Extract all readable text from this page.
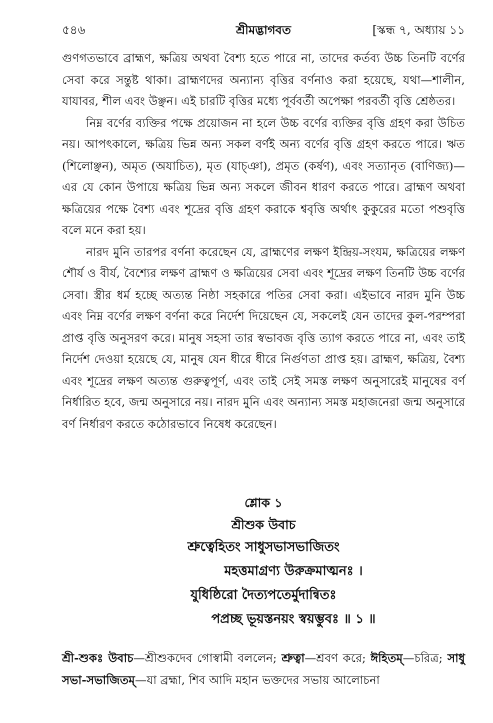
৫৪৬	শ্রীমদ্ভাগবত	[স্কন্ধ ৭, অধ্যায় ১১

গুণগতভাবে ব্রাহ্মণ, ক্ষত্রিয় অথবা বৈশ্য হতে পারে না, তাদের কর্তব্য উচ্চ তিনটি বর্ণের সেবা করে সন্তুষ্ট থাকা। ব্রাহ্মণদের অন্যান্য বৃত্তির বর্ণনাও করা হয়েছে, যথা—শালীন, যাযাবর, শীল এবং উঞ্ছন। এই চারটি বৃত্তির মধ্যে পূর্ববর্তী অপেক্ষা পরবর্তী বৃত্তি শ্রেষ্ঠতর।

নিম্ন বর্ণের ব্যক্তির পক্ষে প্রয়োজন না হলে উচ্চ বর্ণের ব্যক্তির বৃত্তি গ্রহণ করা উচিত নয়। আপৎকালে, ক্ষত্রিয় ভিন্ন অন্য সকল বর্ণই অন্য বর্ণের বৃত্তি গ্রহণ করতে পারে। ঋত (শিলোঞ্ছন), অমৃত (অযাচিত), মৃত (যাচ্‌ঞা), প্রমৃত (কর্ষণ), এবং সত্যানৃত (বাণিজ্য)—এর যে কোন উপায়ে ক্ষত্রিয় ভিন্ন অন্য সকলে জীবন ধারণ করতে পারে। ব্রাহ্মণ অথবা ক্ষত্রিয়ের পক্ষে বৈশ্য এবং শূদ্রের বৃত্তি গ্রহণ করাকে শ্ববৃত্তি অর্থাৎ কুকুরের মতো পশুবৃত্তি বলে মনে করা হয়।

নারদ মুনি তারপর বর্ণনা করেছেন যে, ব্রাহ্মণের লক্ষণ ইন্দ্রিয়-সংযম, ক্ষত্রিয়ের লক্ষণ শৌর্য ও বীর্য, বৈশ্যের লক্ষণ ব্রাহ্মণ ও ক্ষত্রিয়ের সেবা এবং শূদ্রের লক্ষণ তিনটি উচ্চ বর্ণের সেবা। স্ত্রীর ধর্ম হচ্ছে অত্যন্ত নিষ্ঠা সহকারে পতির সেবা করা। এইভাবে নারদ মুনি উচ্চ এবং নিম্ন বর্ণের লক্ষণ বর্ণনা করে নির্দেশ দিয়েছেন যে, সকলেই যেন তাদের কুল-পরম্পরা প্রাপ্ত বৃত্তি অনুসরণ করে। মানুষ সহসা তার স্বভাবজ বৃত্তি ত্যাগ করতে পারে না, এবং তাই নির্দেশ দেওয়া হয়েছে যে, মানুষ যেন ধীরে ধীরে নির্গুণতা প্রাপ্ত হয়। ব্রাহ্মণ, ক্ষত্রিয়, বৈশ্য এবং শূদ্রের লক্ষণ অত্যন্ত গুরুত্বপূর্ণ, এবং তাই সেই সমস্ত লক্ষণ অনুসারেই মানুষের বর্ণ নির্ধারিত হবে, জন্ম অনুসারে নয়। নারদ মুনি এবং অন্যান্য সমস্ত মহাজনেরা জন্ম অনুসারে বর্ণ নির্ধারণ করতে কঠোরভাবে নিষেধ করেছেন।

শ্লোক ১
শ্রীশুক উবাচ
শ্রুত্বেহিতং সাধুসভাসভাজিতং
মহত্তমাগ্রণ্য উরুক্রমাত্মনঃ ।
যুধিষ্ঠিরো দৈত্যপতের্মুদান্বিতঃ
পপ্রচ্ছ ভূয়স্তনয়ং স্বয়ম্ভুবঃ ॥ ১ ॥
শ্রী-শুকঃ উবাচ—শ্রীশুকদেব গোস্বামী বললেন; শ্রুত্বা—শ্রবণ করে; ঈহিতম্—চরিত্র; সাধু সভা-সভাজিতম্—যা ব্রহ্মা, শিব আদি মহান ভক্তদের সভায় আলোচনা
